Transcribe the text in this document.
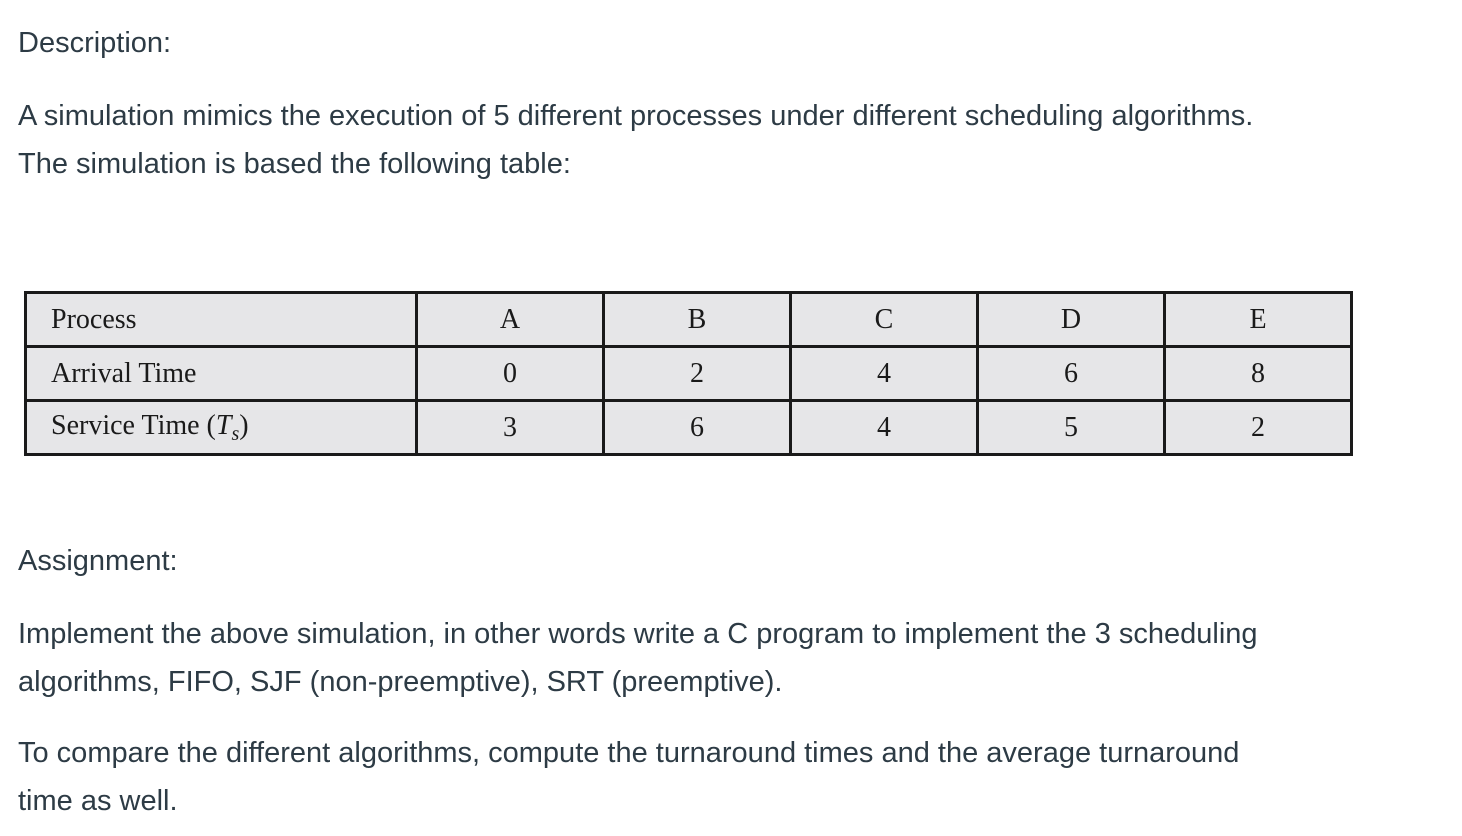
Description:

A simulation mimics the execution of 5 different processes under different scheduling algorithms. The simulation is based the following table:

Process	A	B	C	D	E
Arrival Time	0	2	4	6	8
Service Time $(T_s)$	3	6	4	5	2
Assignment:

Implement the above simulation, in other words write a C program to implement the 3 scheduling algorithms, FIFO, SJF (non-preemptive), SRT (preemptive).

To compare the different algorithms, compute the turnaround times and the average turnaround time as well.
